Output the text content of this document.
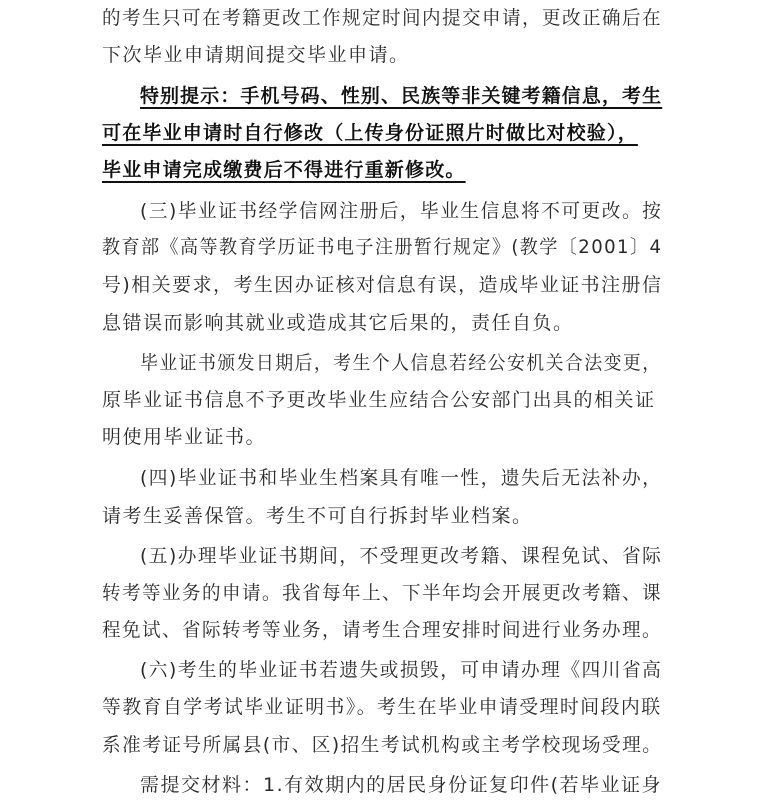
的考生只可在考籍更改工作规定时间内提交申请，更改正确后在
下次毕业申请期间提交毕业申请。
特别提示：手机号码、性别、民族等非关键考籍信息，考生
可在毕业申请时自行修改（上传身份证照片时做比对校验），
毕业申请完成缴费后不得进行重新修改。
(三)毕业证书经学信网注册后，毕业生信息将不可更改。按
教育部《高等教育学历证书电子注册暂行规定》(教学〔2001〕4
号)相关要求，考生因办证核对信息有误，造成毕业证书注册信
息错误而影响其就业或造成其它后果的，责任自负。
毕业证书颁发日期后，考生个人信息若经公安机关合法变更，
原毕业证书信息不予更改毕业生应结合公安部门出具的相关证
明使用毕业证书。
(四)毕业证书和毕业生档案具有唯一性，遗失后无法补办，
请考生妥善保管。考生不可自行拆封毕业档案。
(五)办理毕业证书期间，不受理更改考籍、课程免试、省际
转考等业务的申请。我省每年上、下半年均会开展更改考籍、课
程免试、省际转考等业务，请考生合理安排时间进行业务办理。
(六)考生的毕业证书若遗失或损毁，可申请办理《四川省高
等教育自学考试毕业证明书》。考生在毕业申请受理时间段内联
系准考证号所属县(市、区)招生考试机构或主考学校现场受理。
需提交材料：1.有效期内的居民身份证复印件(若毕业证身
